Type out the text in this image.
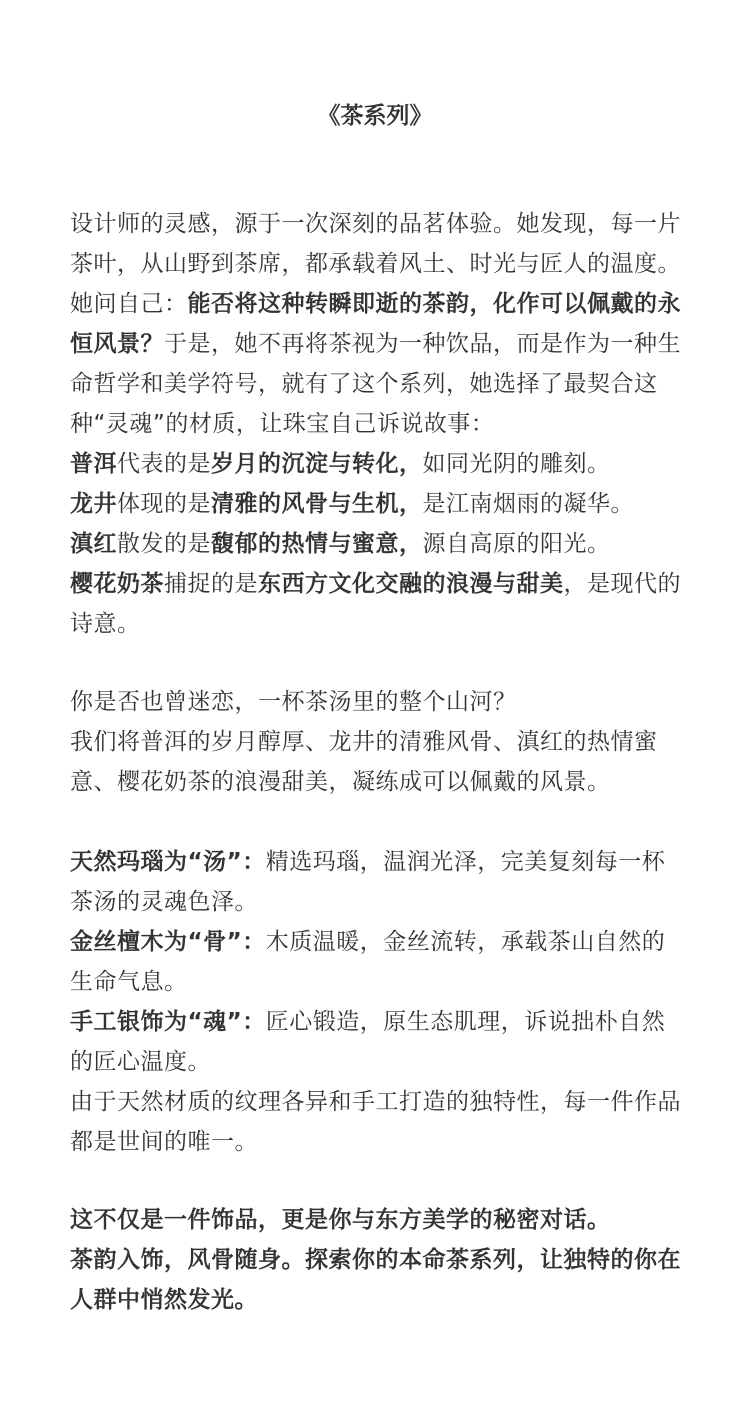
《茶系列》

设计师的灵感，源于一次深刻的品茗体验。她发现，每一片茶叶，从山野到茶席，都承载着风土、时光与匠人的温度。她问自己：能否将这种转瞬即逝的茶韵，化作可以佩戴的永恒风景？于是，她不再将茶视为一种饮品，而是作为一种生命哲学和美学符号，就有了这个系列，她选择了最契合这种“灵魂”的材质，让珠宝自己诉说故事：

普洱代表的是岁月的沉淀与转化，如同光阴的雕刻。

龙井体现的是清雅的风骨与生机，是江南烟雨的凝华。

滇红散发的是馥郁的热情与蜜意，源自高原的阳光。

樱花奶茶捕捉的是东西方文化交融的浪漫与甜美，是现代的诗意。

你是否也曾迷恋，一杯茶汤里的整个山河？

我们将普洱的岁月醇厚、龙井的清雅风骨、滇红的热情蜜意、樱花奶茶的浪漫甜美，凝练成可以佩戴的风景。

天然玛瑙为“汤”：精选玛瑙，温润光泽，完美复刻每一杯茶汤的灵魂色泽。

金丝檀木为“骨”：木质温暖，金丝流转，承载茶山自然的生命气息。

手工银饰为“魂”：匠心锻造，原生态肌理，诉说拙朴自然的匠心温度。

由于天然材质的纹理各异和手工打造的独特性，每一件作品都是世间的唯一。

这不仅是一件饰品，更是你与东方美学的秘密对话。

茶韵入饰，风骨随身。探索你的本命茶系列，让独特的你在人群中悄然发光。
